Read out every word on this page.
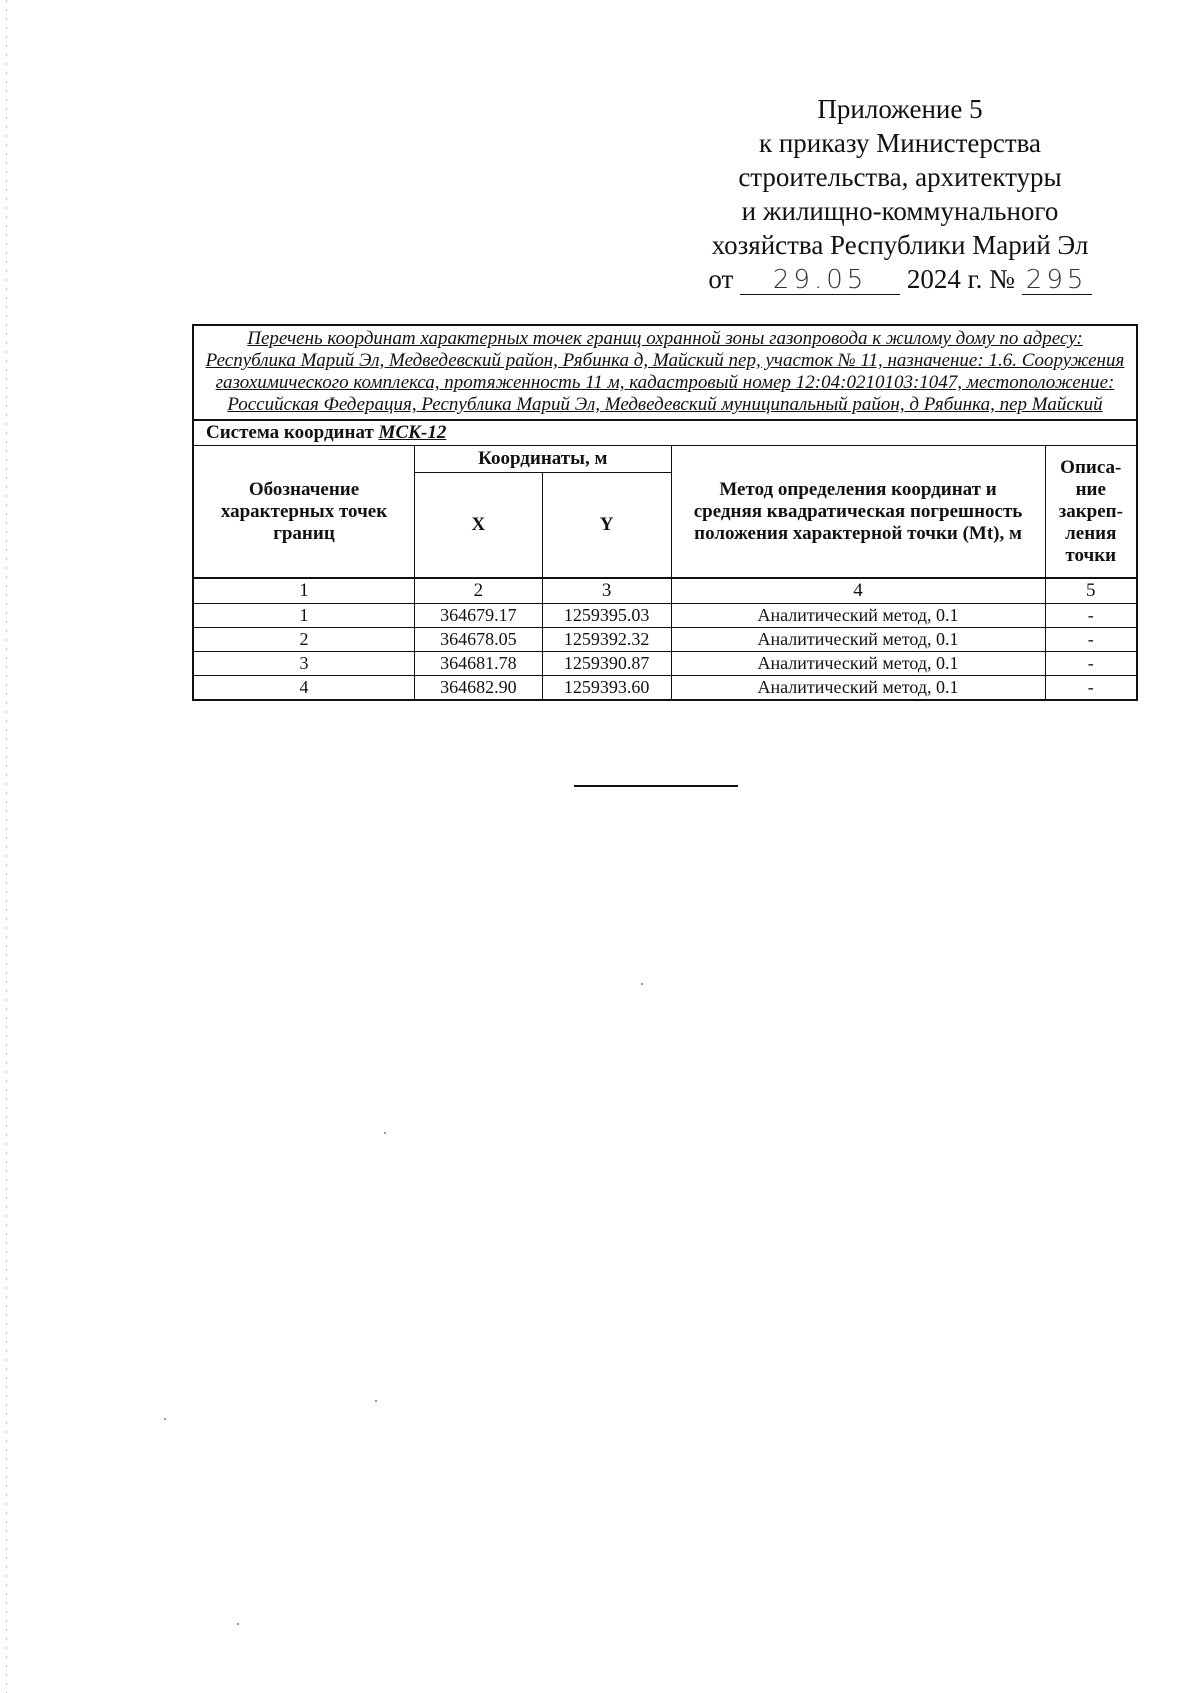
Приложение 5
к приказу Министерства
строительства, архитектуры
и жилищно-коммунального
хозяйства Республики Марий Эл
от 29.05 2024 г. № 295
Перечень координат характерных точек границ охранной зоны газопровода к жилому дому по адресу: Республика Марий Эл, Медведевский район, Рябинка д, Майский пер, участок № 11, назначение: 1.6. Сооружения газохимического комплекса, протяженность 11 м, кадастровый номер 12:04:0210103:1047, местоположение: Российская Федерация, Республика Марий Эл, Медведевский муниципальный район, д Рябинка, пер Майский				
Система координат МСК-12				
Обозначение характерных точек границ	Координаты, м		Метод определения координат и средняя квадратическая погрешность положения характерной точки (Mt), м	Описа- ние закреп- ления точки
	X	Y		
1	2	3	4	5
1	364679.17	1259395.03	Аналитический метод, 0.1	-
2	364678.05	1259392.32	Аналитический метод, 0.1	-
3	364681.78	1259390.87	Аналитический метод, 0.1	-
4	364682.90	1259393.60	Аналитический метод, 0.1	-
